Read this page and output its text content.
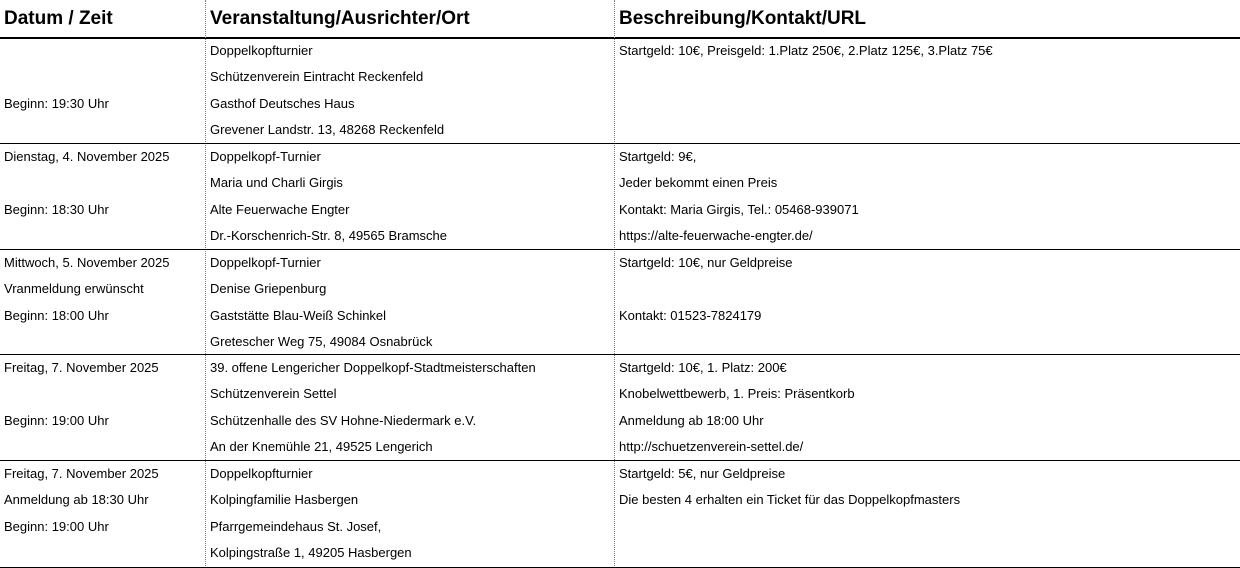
Datum / Zeit	Veranstaltung/Ausrichter/Ort	Beschreibung/Kontakt/URL
Beginn: 19:30 Uhr
Doppelkopfturnier
Schützenverein Eintracht Reckenfeld
Gasthof Deutsches Haus
Grevener Landstr. 13, 48268 Reckenfeld
Startgeld: 10€, Preisgeld: 1.Platz 250€, 2.Platz 125€, 3.Platz 75€
Dienstag, 4. November 2025
Beginn: 18:30 Uhr
Doppelkopf-Turnier
Maria und Charli Girgis
Alte Feuerwache Engter
Dr.-Korschenrich-Str. 8, 49565 Bramsche
Startgeld: 9€,
Jeder bekommt einen Preis
Kontakt: Maria Girgis, Tel.: 05468-939071
https://alte-feuerwache-engter.de/
Mittwoch, 5. November 2025
Vranmeldung erwünscht
Beginn: 18:00 Uhr
Doppelkopf-Turnier
Denise Griepenburg
Gaststätte Blau-Weiß Schinkel
Gretescher Weg 75, 49084 Osnabrück
Startgeld: 10€, nur Geldpreise
Kontakt: 01523-7824179
Freitag, 7. November 2025
Beginn: 19:00 Uhr
39. offene Lengericher Doppelkopf-Stadtmeisterschaften
Schützenverein Settel
Schützenhalle des SV Hohne-Niedermark e.V.
An der Knemühle 21, 49525 Lengerich
Startgeld: 10€, 1. Platz: 200€
Knobelwettbewerb, 1. Preis: Präsentkorb
Anmeldung ab 18:00 Uhr
http://schuetzenverein-settel.de/
Freitag, 7. November 2025
Anmeldung ab 18:30 Uhr
Beginn: 19:00 Uhr
Doppelkopfturnier
Kolpingfamilie Hasbergen
Pfarrgemeindehaus St. Josef,
Kolpingstraße 1, 49205 Hasbergen
Startgeld: 5€, nur Geldpreise
Die besten 4 erhalten ein Ticket für das Doppelkopfmasters
